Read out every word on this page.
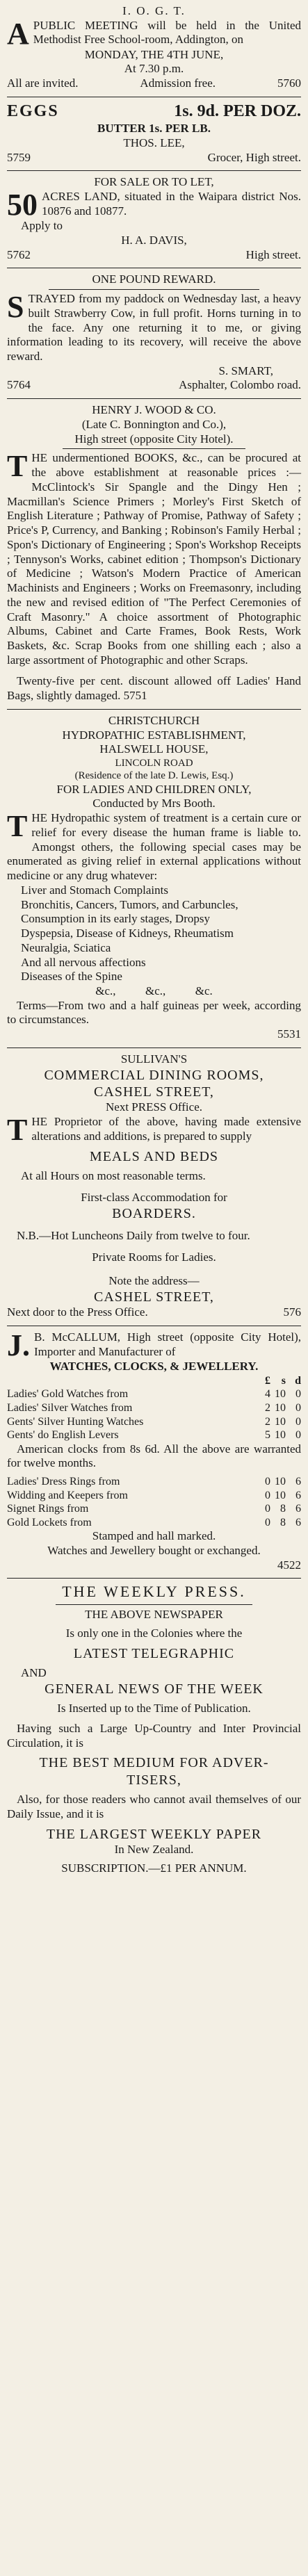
I. O. G. T.
A PUBLIC MEETING will be held in the United Methodist Free School-room, Addington, on

MONDAY, THE 4TH JUNE,
At 7.30 p.m.
All are invited.	Admission free.	5760
EGGS	1s. 9d. PER DOZ.
BUTTER 1s. PER LB.
THOS. LEE,
5759	Grocer, High street.
FOR SALE OR TO LET,
50 ACRES LAND, situated in the Waipara district Nos. 10876 and 10877.

Apply to
H. A. DAVIS,
5762	High street.
ONE POUND REWARD.
S TRAYED from my paddock on Wednesday last, a heavy built Strawberry Cow, in full profit. Horns turning in to the face. Any one returning it to me, or giving information leading to its recovery, will receive the above reward.

S. SMART,
5764	Asphalter, Colombo road.
HENRY J. WOOD & CO.
(Late C. Bonnington and Co.),
High street (opposite City Hotel).
T HE undermentioned BOOKS, &c., can be procured at the above establishment at reasonable prices :— McClintock's Sir Spangle and the Dingy Hen ; Macmillan's Science Primers ; Morley's First Sketch of English Literature ; Pathway of Promise, Pathway of Safety ; Price's P, Currency, and Banking ; Robinson's Family Herbal ; Spon's Dictionary of Engineering ; Spon's Workshop Receipts ; Tennyson's Works, cabinet edition ; Thompson's Dictionary of Medicine ; Watson's Modern Practice of American Machinists and Engineers ; Works on Freemasonry, including the new and revised edition of "The Perfect Ceremonies of Craft Masonry." A choice assortment of Photographic Albums, Cabinet and Carte Frames, Book Rests, Work Baskets, &c. Scrap Books from one shilling each ; also a large assortment of Photographic and other Scraps.

Twenty-five per cent. discount allowed off Ladies' Hand Bags, slightly damaged. 5751

CHRISTCHURCH
HYDROPATHIC ESTABLISHMENT,
HALSWELL HOUSE,
LINCOLN ROAD
(Residence of the late D. Lewis, Esq.)
FOR LADIES AND CHILDREN ONLY,
Conducted by Mrs Booth.
T HE Hydropathic system of treatment is a certain cure or relief for every disease the human frame is liable to. Amongst others, the following special cases may be enumerated as giving relief in external applications without medicine or any drug whatever:

Liver and Stomach Complaints
Bronchitis, Cancers, Tumors, and Carbuncles,
Consumption in its early stages, Dropsy
Dyspepsia, Disease of Kidneys, Rheumatism
Neuralgia, Sciatica
And all nervous affections
Diseases of the Spine
&c.,          &c.,          &c.

Terms—From two and a half guineas per week, according to circumstances.

5531
SULLIVAN'S
COMMERCIAL DINING ROOMS,
CASHEL STREET,
Next PRESS Office.
T HE Proprietor of the above, having made extensive alterations and additions, is prepared to supply

MEALS AND BEDS
At all Hours on most reasonable terms.
First-class Accommodation for
BOARDERS.

N.B.—Hot Luncheons Daily from twelve to four.

Private Rooms for Ladies.
Note the address—
CASHEL STREET,
Next door to the Press Office.	576
J. B. McCALLUM, High street (opposite City Hotel), Importer and Manufacturer of

WATCHES, CLOCKS, & JEWELLERY.
	£	s	d
Ladies' Gold Watches from	4	10	0
Ladies' Silver Watches from	2	10	0
Gents' Silver Hunting Watches	2	10	0
Gents' do English Levers	5	10	0

American clocks from 8s 6d. All the above are warranted for twelve months.

Ladies' Dress Rings from	0	10	6
Widding and Keepers from	0	10	6
Signet Rings from	0	8	6
Gold Lockets from	0	8	6
Stamped and hall marked.
Watches and Jewellery bought or exchanged.
4522
THE WEEKLY PRESS.
THE ABOVE NEWSPAPER
Is only one in the Colonies where the
LATEST TELEGRAPHIC
AND
GENERAL NEWS OF THE WEEK
Is Inserted up to the Time of Publication.

Having such a Large Up-Country and Inter Provincial Circulation, it is

THE BEST MEDIUM FOR ADVER-
TISERS,

Also, for those readers who cannot avail themselves of our Daily Issue, and it is

THE LARGEST WEEKLY PAPER
In New Zealand.
SUBSCRIPTION.—£1 PER ANNUM.
